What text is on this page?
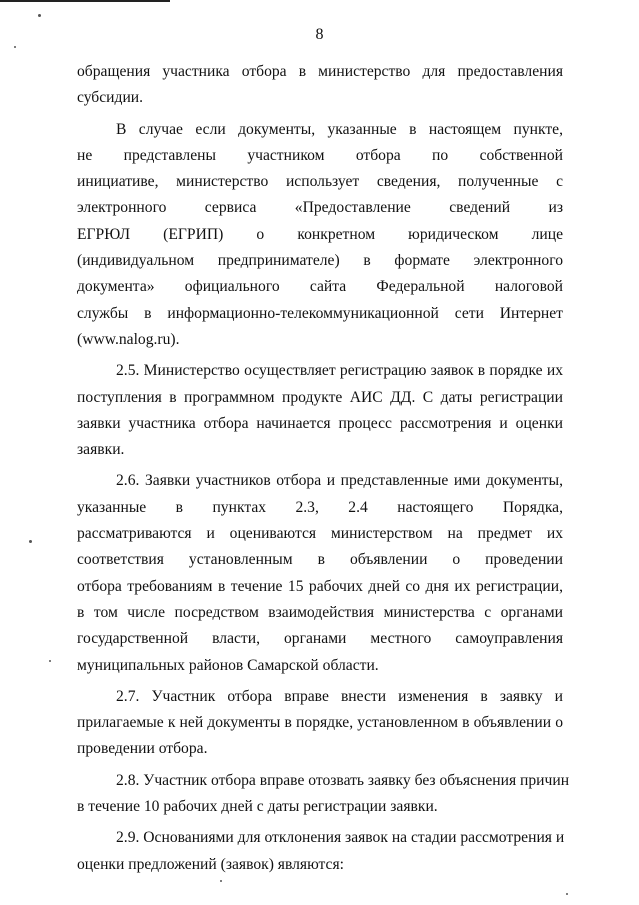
8
обращения участника отбора в министерство для предоставления
субсидии.
В случае если документы, указанные в настоящем пункте,
не представлены участником отбора по собственной
инициативе, министерство использует сведения, полученные с
электронного сервиса «Предоставление сведений из
ЕГРЮЛ (ЕГРИП) о конкретном юридическом лице
(индивидуальном предпринимателе) в формате электронного
документа» официального сайта Федеральной налоговой
службы в информационно-телекоммуникационной сети Интернет
(www.nalog.ru).
2.5. Министерство осуществляет регистрацию заявок в порядке их
поступления в программном продукте АИС ДД. С даты регистрации
заявки участника отбора начинается процесс рассмотрения и оценки
заявки.
2.6. Заявки участников отбора и представленные ими документы,
указанные в пунктах 2.3, 2.4 настоящего Порядка,
рассматриваются и оцениваются министерством на предмет их
соответствия установленным в объявлении о проведении
отбора требованиям в течение 15 рабочих дней со дня их регистрации,
в том числе посредством взаимодействия министерства с органами
государственной власти, органами местного самоуправления
муниципальных районов Самарской области.
2.7. Участник отбора вправе внести изменения в заявку и
прилагаемые к ней документы в порядке, установленном в объявлении о
проведении отбора.
2.8. Участник отбора вправе отозвать заявку без объяснения причин
в течение 10 рабочих дней с даты регистрации заявки.
2.9. Основаниями для отклонения заявок на стадии рассмотрения и
оценки предложений (заявок) являются:
